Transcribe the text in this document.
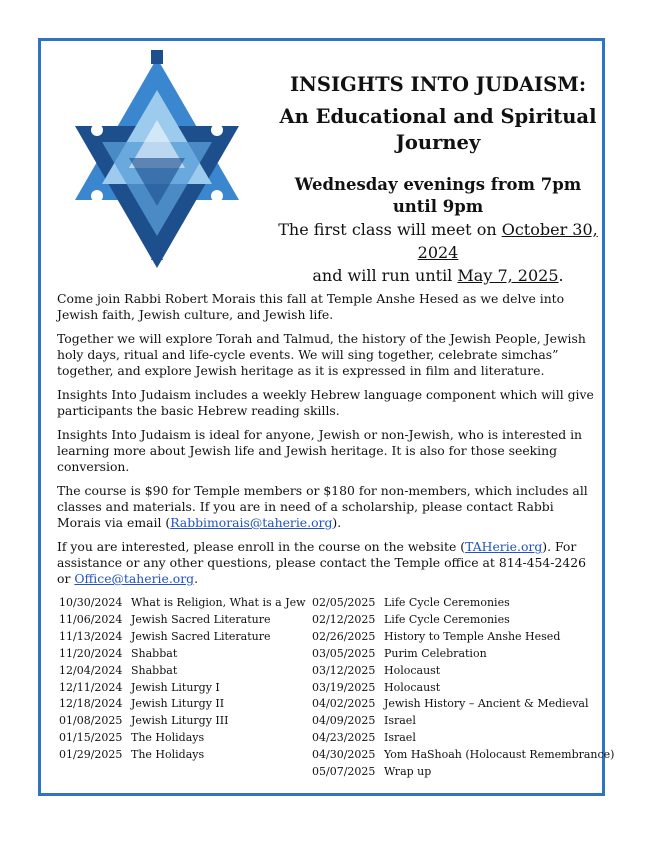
INSIGHTS INTO JUDAISM:
An Educational and Spiritual Journey
Wednesday evenings from 7pm until 9pm
The first class will meet on October 30, 2024
and will run until May 7, 2025.

Come join Rabbi Robert Morais this fall at Temple Anshe Hesed as we delve into Jewish faith, Jewish culture, and Jewish life.

Together we will explore Torah and Talmud, the history of the Jewish People, Jewish holy days, ritual and life-cycle events. We will sing together, celebrate simchas” together, and explore Jewish heritage as it is expressed in film and literature.

Insights Into Judaism includes a weekly Hebrew language component which will give participants the basic Hebrew reading skills.

Insights Into Judaism is ideal for anyone, Jewish or non-Jewish, who is interested in learning more about Jewish life and Jewish heritage. It is also for those seeking conversion.

The course is $90 for Temple members or $180 for non-members, which includes all classes and materials. If you are in need of a scholarship, please contact Rabbi Morais via email (Rabbimorais@taherie.org).

If you are interested, please enroll in the course on the website (TAHerie.org). For assistance or any other questions, please contact the Temple office at 814-454-2426 or Office@taherie.org.

10/30/2024 What is Religion, What is a Jew
11/06/2024 Jewish Sacred Literature
11/13/2024 Jewish Sacred Literature
11/20/2024 Shabbat
12/04/2024 Shabbat
12/11/2024 Jewish Liturgy I
12/18/2024 Jewish Liturgy II
01/08/2025 Jewish Liturgy III
01/15/2025 The Holidays
01/29/2025 The Holidays
02/05/2025 Life Cycle Ceremonies
02/12/2025 Life Cycle Ceremonies
02/26/2025 History to Temple Anshe Hesed
03/05/2025 Purim Celebration
03/12/2025 Holocaust
03/19/2025 Holocaust
04/02/2025 Jewish History – Ancient & Medieval
04/09/2025 Israel
04/23/2025 Israel
04/30/2025 Yom HaShoah (Holocaust Remembrance)
05/07/2025 Wrap up
